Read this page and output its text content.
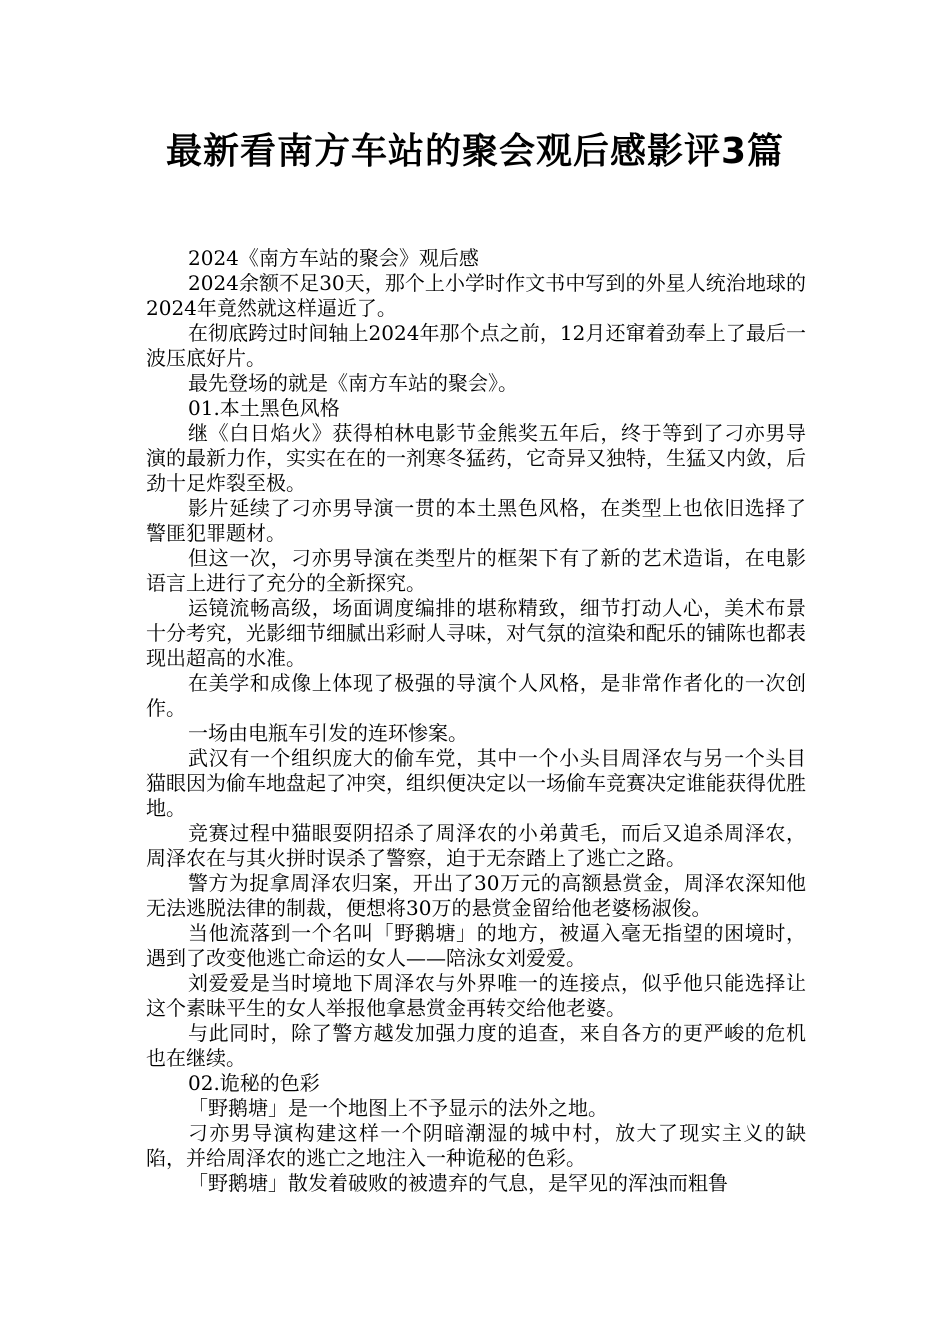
最新看南方车站的聚会观后感影评3篇

2024《南方车站的聚会》观后感

2024余额不足30天，那个上小学时作文书中写到的外星人统治地球的2024年竟然就这样逼近了。

在彻底跨过时间轴上2024年那个点之前，12月还窜着劲奉上了最后一波压底好片。

最先登场的就是《南方车站的聚会》。

01.本土黑色风格

继《白日焰火》获得柏林电影节金熊奖五年后，终于等到了刁亦男导演的最新力作，实实在在的一剂寒冬猛药，它奇异又独特，生猛又内敛，后劲十足炸裂至极。

影片延续了刁亦男导演一贯的本土黑色风格，在类型上也依旧选择了警匪犯罪题材。

但这一次，刁亦男导演在类型片的框架下有了新的艺术造诣，在电影语言上进行了充分的全新探究。

运镜流畅高级，场面调度编排的堪称精致，细节打动人心，美术布景十分考究，光影细节细腻出彩耐人寻味，对气氛的渲染和配乐的铺陈也都表现出超高的水准。

在美学和成像上体现了极强的导演个人风格，是非常作者化的一次创作。

一场由电瓶车引发的连环惨案。

武汉有一个组织庞大的偷车党，其中一个小头目周泽农与另一个头目猫眼因为偷车地盘起了冲突，组织便决定以一场偷车竞赛决定谁能获得优胜地。

竞赛过程中猫眼耍阴招杀了周泽农的小弟黄毛，而后又追杀周泽农，周泽农在与其火拼时误杀了警察，迫于无奈踏上了逃亡之路。

警方为捉拿周泽农归案，开出了30万元的高额悬赏金，周泽农深知他无法逃脱法律的制裁，便想将30万的悬赏金留给他老婆杨淑俊。

当他流落到一个名叫「野鹅塘」的地方，被逼入毫无指望的困境时，遇到了改变他逃亡命运的女人——陪泳女刘爱爱。

刘爱爱是当时境地下周泽农与外界唯一的连接点，似乎他只能选择让这个素昧平生的女人举报他拿悬赏金再转交给他老婆。

与此同时，除了警方越发加强力度的追查，来自各方的更严峻的危机也在继续。

02.诡秘的色彩

「野鹅塘」是一个地图上不予显示的法外之地。

刁亦男导演构建这样一个阴暗潮湿的城中村，放大了现实主义的缺陷，并给周泽农的逃亡之地注入一种诡秘的色彩。

「野鹅塘」散发着破败的被遗弃的气息，是罕见的浑浊而粗鲁
